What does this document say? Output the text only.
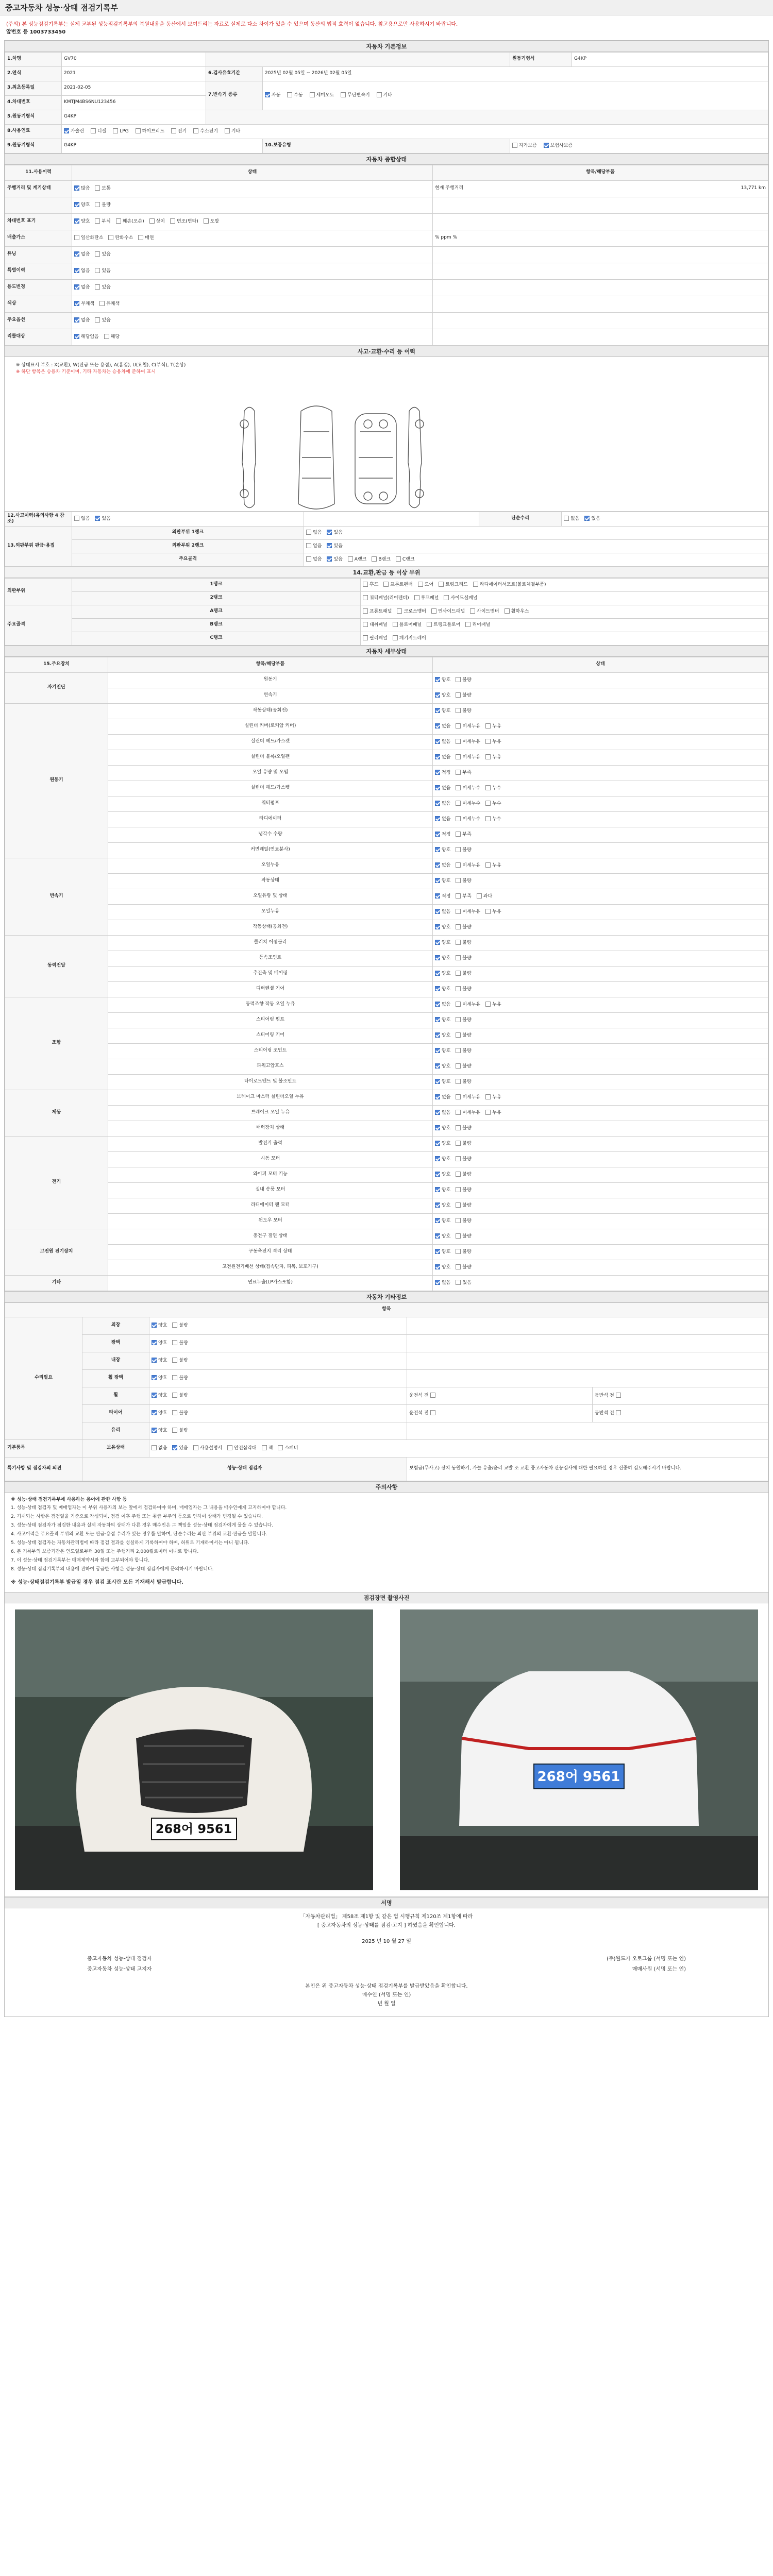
중고자동차 성능·상태 점검기록부
(주의) 본 성능점검기록부는 실제 교부된 성능점검기록부의 복원내용을 동산에서 보여드리는 자료로 실제로 다소 차이가 있을 수 있으며 동산의 법적 효력이 없습니다. 참고용으로만 사용하시기 바랍니다.
앞번호 등 1003733450
자동차 기본정보
1.차명	GV70			원동기형식	G4KP
2.연식	2021	6.검사유효기간	2025년 02월 05일 ~ 2026년 02월 05일		
3.최초등록일	2021-02-05	7.변속기 종류	자동 수동 세미오토 무단변속기 기타		
4.차대번호	KMTJM4BS6NU123456				
5.원동기형식	G4KP				
8.사용연료	가솔린 디젤 LPG 하이브리드 전기 수소전기 기타				
9.원동기형식	G4KP		10.보증유형	자가보증 보험사보증	
자동차 종합상태
11.사용이력	상태	항목/해당부품
주행거리 및 계기상태	많음 보통	현재 주행거리 13,771 km

	양호 불량	

차대번호 표기	양호 부식 훼손(오손) 상이 변조(변타) 도말	

배출가스	일산화탄소 탄화수소 매연	% ppm %

튜닝	없음 있음	

특별이력	없음 있음	

용도변경	없음 있음	

색상	무채색 유채색	

주요옵션	없음 있음	

리콜대상	해당없음 해당	
사고·교환·수리 등 이력
※ 상태표시 부호 : X(교환), W(판금 또는 용접), A(흠집), U(요철), C(부식), T(손상)
※ 하단 항목은 승용차 기준이며, 기타 자동차는 승용차에 준하여 표시
12.사고이력(유의사항 4 참조)	없음 있음		단순수리	없음 있음
13.외판부위 판금·용접	외판부위 1랭크	없음 있음		
	외판부위 2랭크	없음 있음		
	주요골격	없음 있음 A랭크 B랭크 C랭크		
14.교환,판금 등 이상 부위
외판부위	1랭크	후드 프론트펜더 도어 트렁크리드 라디에이터서포트(볼트체결부품)
	2랭크	쿼터패널(리어펜더) 루프패널 사이드실패널
주요골격	A랭크	프론트패널 크로스멤버 인사이드패널 사이드멤버 휠하우스
	B랭크	대쉬패널 플로어패널 트렁크플로어 리어패널
	C랭크	필러패널 패키지트레이
자동차 세부상태
15.주요장치	항목/해당부품	상태
자기진단	원동기	양호 불량
	변속기	양호 불량
원동기	작동상태(공회전)	양호 불량
	실린더 커버(로커암 커버)	없음 미세누유 누유
	실린더 헤드/가스켓	없음 미세누유 누유
	실린더 블록/오일팬	없음 미세누유 누유
	오일 유량 및 오염	적정 부족
	실린더 헤드/가스켓	없음 미세누수 누수
	워터펌프	없음 미세누수 누수
	라디에이터	없음 미세누수 누수
	냉각수 수량	적정 부족
	커먼레일(연료분사)	양호 불량
변속기	오일누유	없음 미세누유 누유
	작동상태	양호 불량
	오일유량 및 상태	적정 부족 과다
	오일누유	없음 미세누유 누유
	작동상태(공회전)	양호 불량
동력전달	클러치 어셈블리	양호 불량
	등속조인트	양호 불량
	추진축 및 베어링	양호 불량
	디퍼렌셜 기어	양호 불량
조향	동력조향 작동 오일 누유	없음 미세누유 누유
	스티어링 펌프	양호 불량
	스티어링 기어	양호 불량
	스티어링 조인트	양호 불량
	파워고압호스	양호 불량
	타이로드엔드 및 볼조인트	양호 불량
제동	브레이크 마스터 실린더오일 누유	없음 미세누유 누유
	브레이크 오일 누유	없음 미세누유 누유
	배력장치 상태	양호 불량
전기	발전기 출력	양호 불량
	시동 모터	양호 불량
	와이퍼 모터 기능	양호 불량
	실내 송풍 모터	양호 불량
	라디에이터 팬 모터	양호 불량
	윈도우 모터	양호 불량
고전원 전기장치	충전구 절연 상태	양호 불량
	구동축전지 격리 상태	양호 불량
	고전원전기배선 상태(접속단자, 피복, 보호기구)	양호 불량
기타	연료누출(LP가스포함)	없음 있음
자동차 기타정보
항목				
수리필요	외장	양호 불량		
	광택	양호 불량		
	내장	양호 불량		
	휠 광택	양호 불량		
	휠	양호 불량	운전석 전	동반석 전
	타이어	양호 불량	운전석 전	동반석 전
	유리	양호 불량		
기본품목	보유상태	없음 있음 사용설명서 안전삼각대 잭 스패너		
특기사항 및 점검자의 의견	성능·상태 점검자		보험금(무사고) 장치 동원하기, 가늘 유출/윤리 교발 조 교환 중고자동차 관능검사에 대한 필요하실 경우 신중히 검토해주시기 바랍니다.	
주의사항

※ 성능·상태 점검기록부에 사용하는 용어에 관한 사항 등

1. 성능·상태 점검자 및 매매업자는 이 부위 사용자의 보는 앞에서 점검하여야 하며, 매매업자는 그 내용을 매수인에게 고지하여야 합니다.

2. 기재되는 사항은 점검일을 기준으로 작성되며, 점검 이후 주행 또는 취급 부주의 등으로 인하여 상태가 변경될 수 있습니다.

3. 성능·상태 점검자가 점검한 내용과 실제 자동차의 상태가 다른 경우 매수인은 그 책임을 성능·상태 점검자에게 물을 수 있습니다.

4. 사고이력은 주요골격 부위의 교환 또는 판금·용접 수리가 있는 경우를 말하며, 단순수리는 외판 부위의 교환·판금을 말합니다.

5. 성능·상태 점검자는 자동차관리법에 따라 점검 결과를 성실하게 기록하여야 하며, 허위로 기재하여서는 아니 됩니다.

6. 본 기록부의 보증기간은 인도일로부터 30일 또는 주행거리 2,000킬로미터 이내로 합니다.

7. 이 성능·상태 점검기록부는 매매계약서와 함께 교부되어야 합니다.

8. 성능·상태 점검기록부의 내용에 관하여 궁금한 사항은 성능·상태 점검자에게 문의하시기 바랍니다.

※ 성능·상태점검기록부 발급일 경우 점검 표시란 모든 기재해서 발급합니다.

점검장면 촬영사진
268어 9561
268어 9561
서명
「자동차관리법」 제58조 제1항 및 같은 법 시행규칙 제120조 제1항에 따라
[ 중고자동차의 성능·상태를 점검·고지 ] 하였음을 확인합니다.
2025 년 10 월 27 일
중고자동차 성능·상태 점검자	(주)월드카 오토그룹 (서명 또는 인)
중고자동차 성능·상태 고지자	매매사원 (서명 또는 인)
본인은 위 중고자동차 성능·상태 점검기록부를 발급받았음을 확인합니다.
매수인 (서명 또는 인)
년 월 일
